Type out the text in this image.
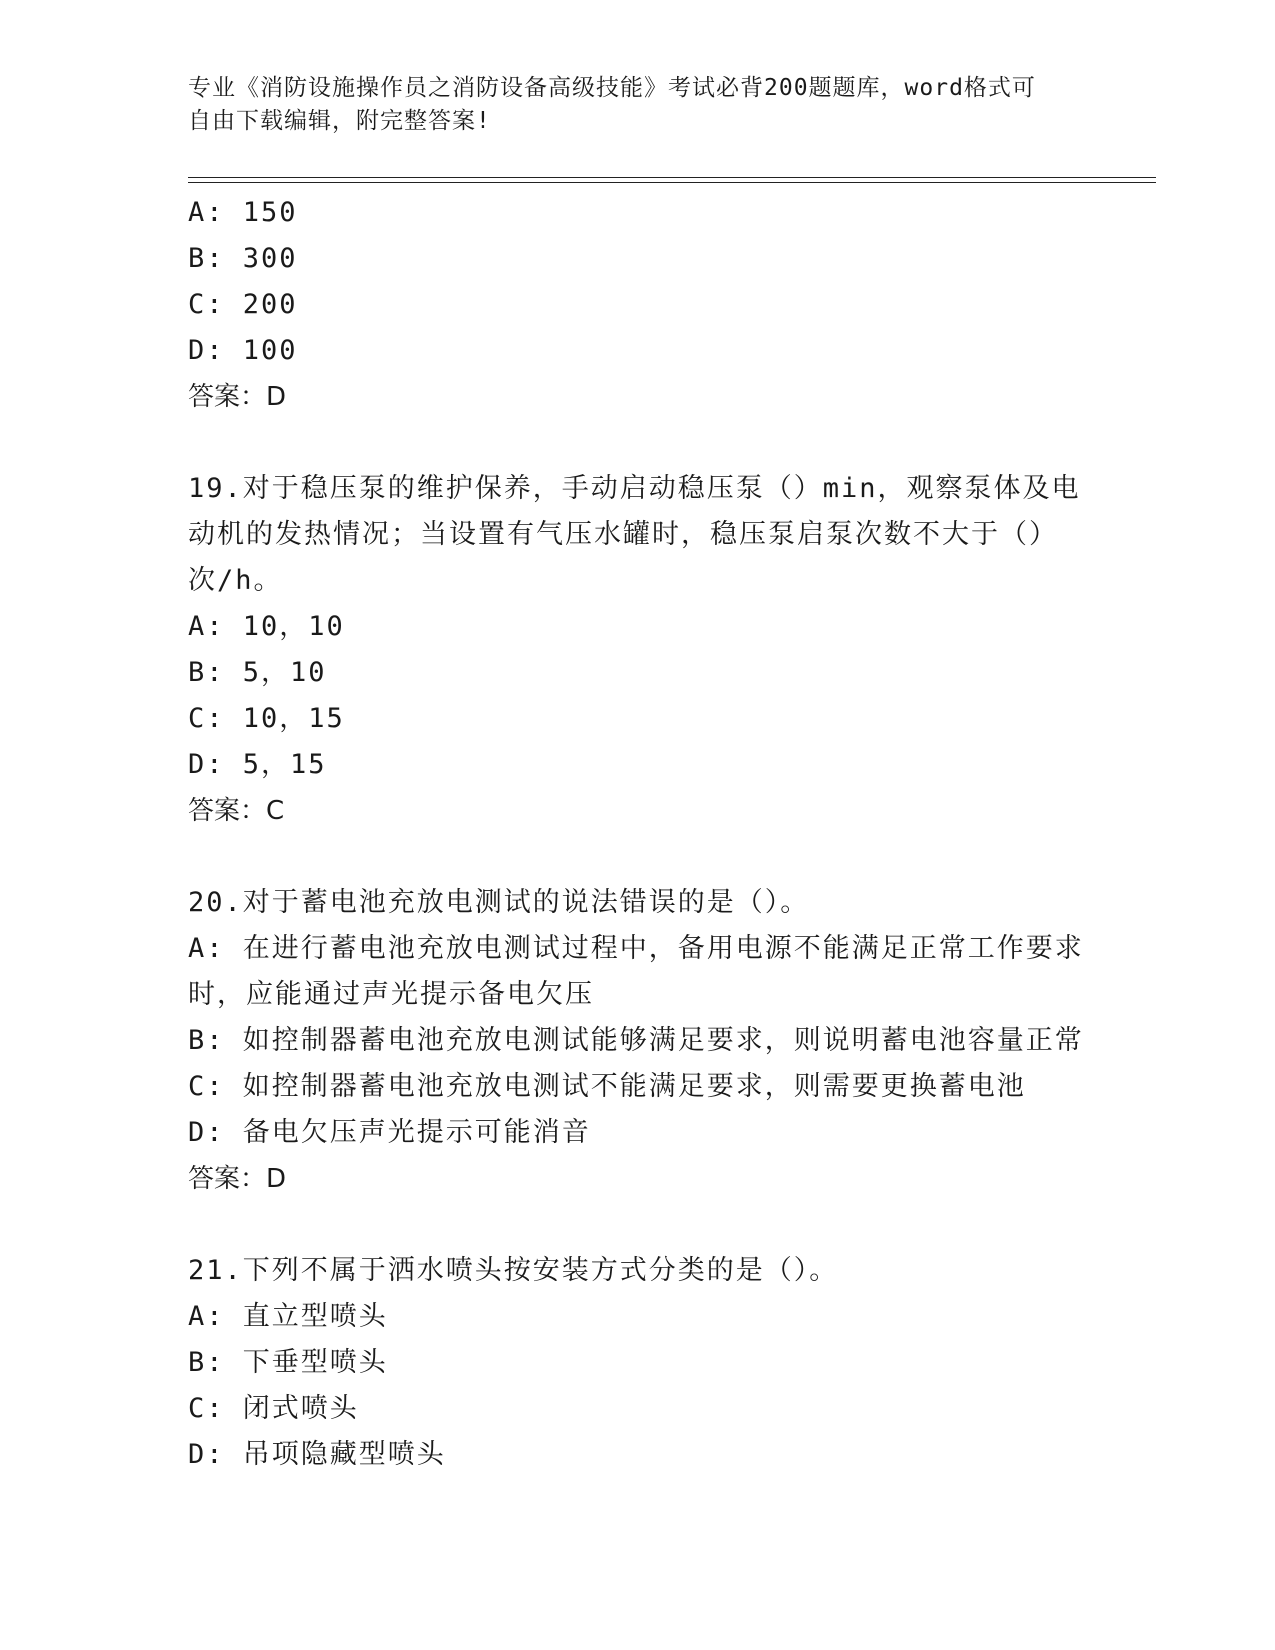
专业《消防设施操作员之消防设备高级技能》考试必背200题题库，word格式可
自由下载编辑，附完整答案!
A: 150
B: 300
C: 200
D: 100
答案：D
19.对于稳压泵的维护保养，手动启动稳压泵（）min，观察泵体及电
动机的发热情况；当设置有气压水罐时，稳压泵启泵次数不大于（）
次/h。
A: 10，10
B: 5，10
C: 10，15
D: 5，15
答案：C
20.对于蓄电池充放电测试的说法错误的是（）。
A: 在进行蓄电池充放电测试过程中，备用电源不能满足正常工作要求
时，应能通过声光提示备电欠压
B: 如控制器蓄电池充放电测试能够满足要求，则说明蓄电池容量正常
C: 如控制器蓄电池充放电测试不能满足要求，则需要更换蓄电池
D: 备电欠压声光提示可能消音
答案：D
21.下列不属于洒水喷头按安装方式分类的是（）。
A: 直立型喷头
B: 下垂型喷头
C: 闭式喷头
D: 吊项隐藏型喷头
